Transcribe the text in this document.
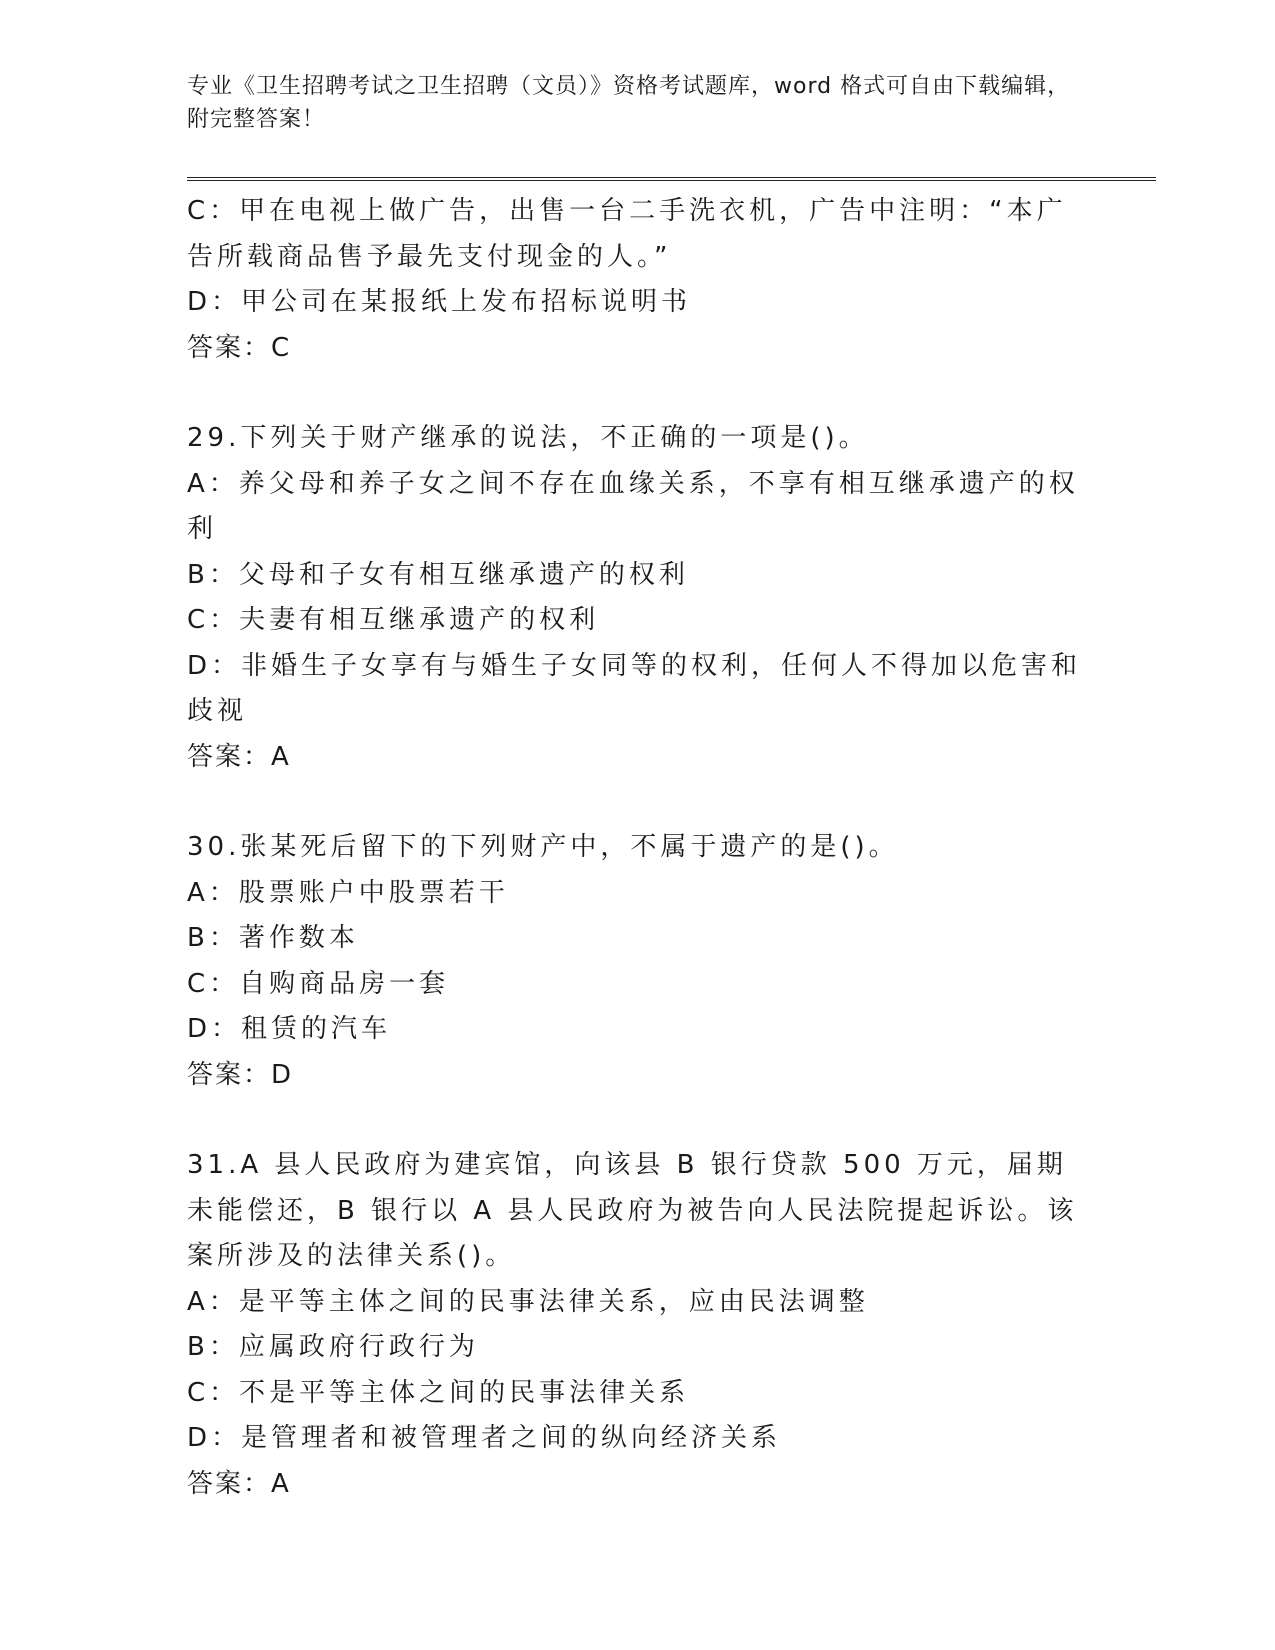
专业《卫生招聘考试之卫生招聘（文员）》资格考试题库，word 格式可自由下载编辑，附完整答案！

C：甲在电视上做广告，出售一台二手洗衣机，广告中注明：“本广告所载商品售予最先支付现金的人。”

D：甲公司在某报纸上发布招标说明书

答案：C

29.下列关于财产继承的说法，不正确的一项是()。

A：养父母和养子女之间不存在血缘关系，不享有相互继承遗产的权利

B：父母和子女有相互继承遗产的权利

C：夫妻有相互继承遗产的权利

D：非婚生子女享有与婚生子女同等的权利，任何人不得加以危害和歧视

答案：A

30.张某死后留下的下列财产中，不属于遗产的是()。

A：股票账户中股票若干

B：著作数本

C：自购商品房一套

D：租赁的汽车

答案：D

31.A 县人民政府为建宾馆，向该县 B 银行贷款 500 万元，届期未能偿还，B 银行以 A 县人民政府为被告向人民法院提起诉讼。该案所涉及的法律关系()。

A：是平等主体之间的民事法律关系，应由民法调整

B：应属政府行政行为

C：不是平等主体之间的民事法律关系

D：是管理者和被管理者之间的纵向经济关系

答案：A
